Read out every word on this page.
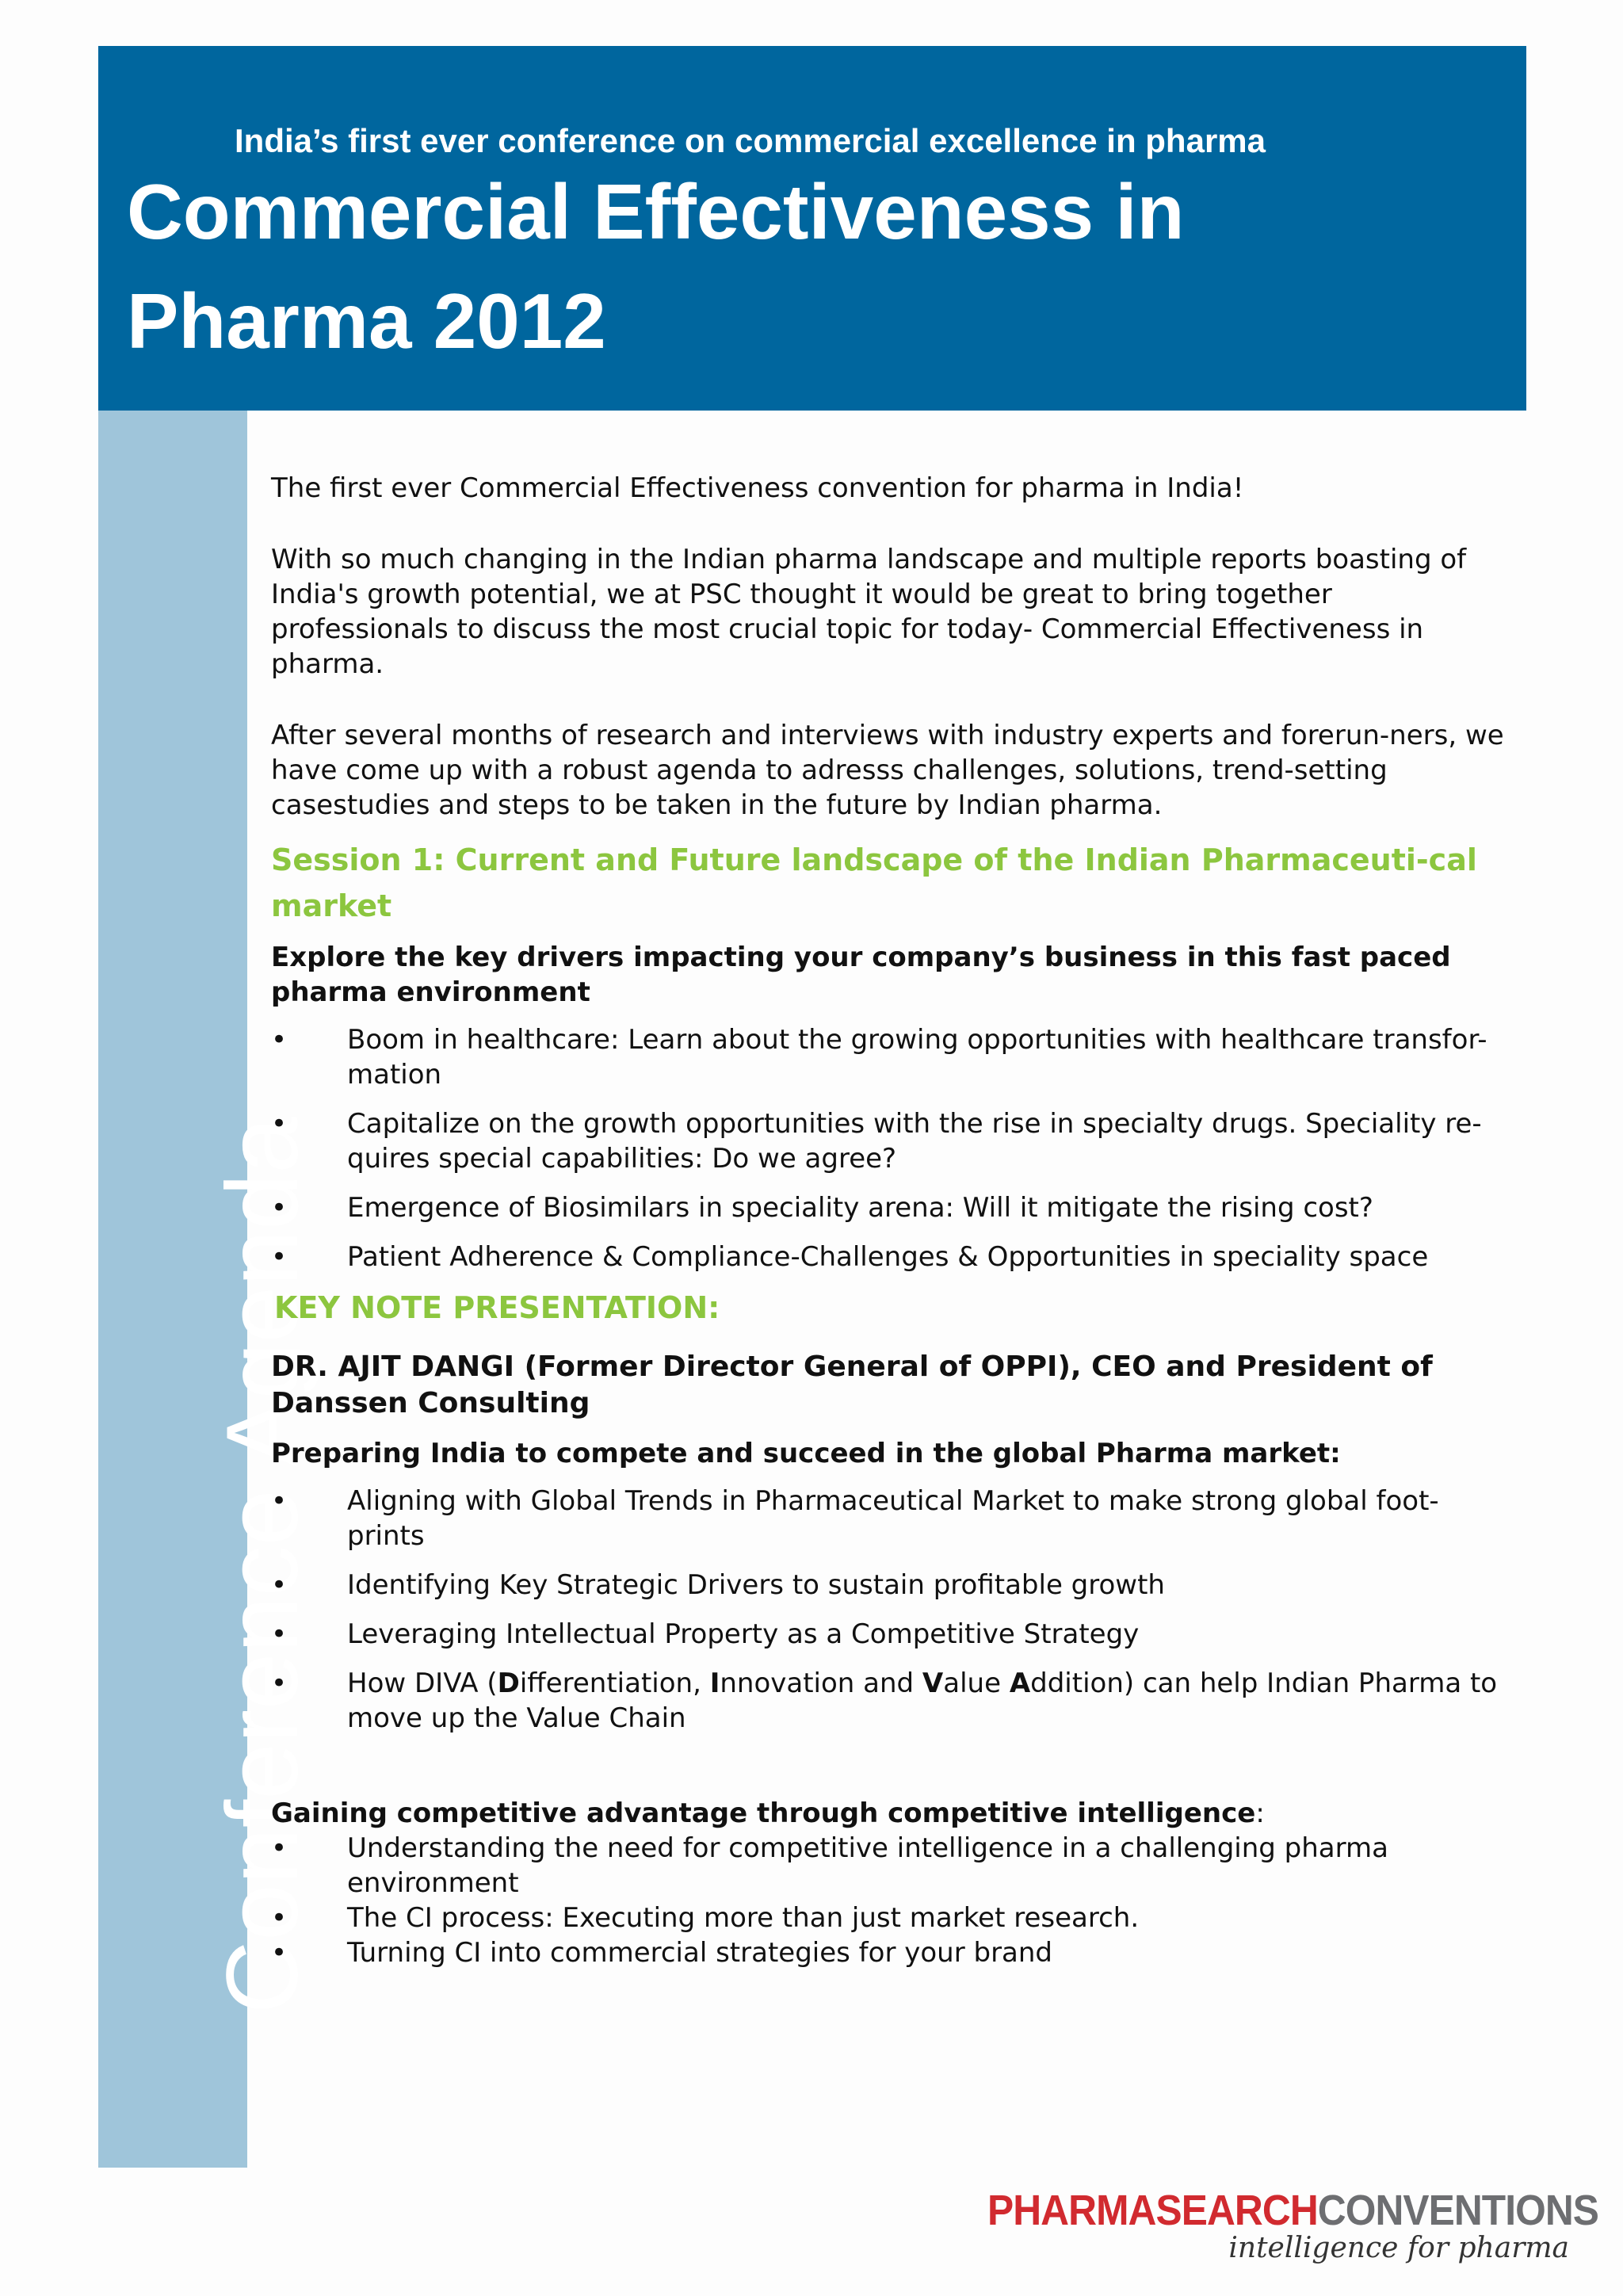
India’s first ever conference on commercial excellence in pharma
Commercial Effectiveness in Pharma 2012
Conference Agenda

The first ever Commercial Effectiveness convention for pharma in India!

With so much changing in the Indian pharma landscape and multiple reports boasting of India's growth potential, we at PSC thought it would be great to bring together professionals to discuss the most crucial topic for today- Commercial Effectiveness in pharma.

After several months of research and interviews with industry experts and forerun-ners, we have come up with a robust agenda to adresss challenges, solutions, trend-setting casestudies and steps to be taken in the future by Indian pharma.

Session 1: Current and Future landscape of the Indian Pharmaceuti-cal market

Explore the key drivers impacting your company’s business in this fast paced pharma environment

• Boom in healthcare: Learn about the growing opportunities with healthcare transfor-mation
• Capitalize on the growth opportunities with the rise in specialty drugs. Speciality re-quires special capabilities: Do we agree?
• Emergence of Biosimilars in speciality arena: Will it mitigate the rising cost?
• Patient Adherence & Compliance-Challenges & Opportunities in speciality space
KEY NOTE PRESENTATION:

DR. AJIT DANGI (Former Director General of OPPI), CEO and President of Danssen Consulting

Preparing India to compete and succeed in the global Pharma market:

• Aligning with Global Trends in Pharmaceutical Market to make strong global foot-prints
• Identifying Key Strategic Drivers to sustain profitable growth
• Leveraging Intellectual Property as a Competitive Strategy
• How DIVA (Differentiation, Innovation and Value Addition) can help Indian Pharma to move up the Value Chain

Gaining competitive advantage through competitive intelligence:

• Understanding the need for competitive intelligence in a challenging pharma environment
• The CI process: Executing more than just market research.
• Turning CI into commercial strategies for your brand
PHARMASEARCHCONVENTIONS
intelligence for pharma
